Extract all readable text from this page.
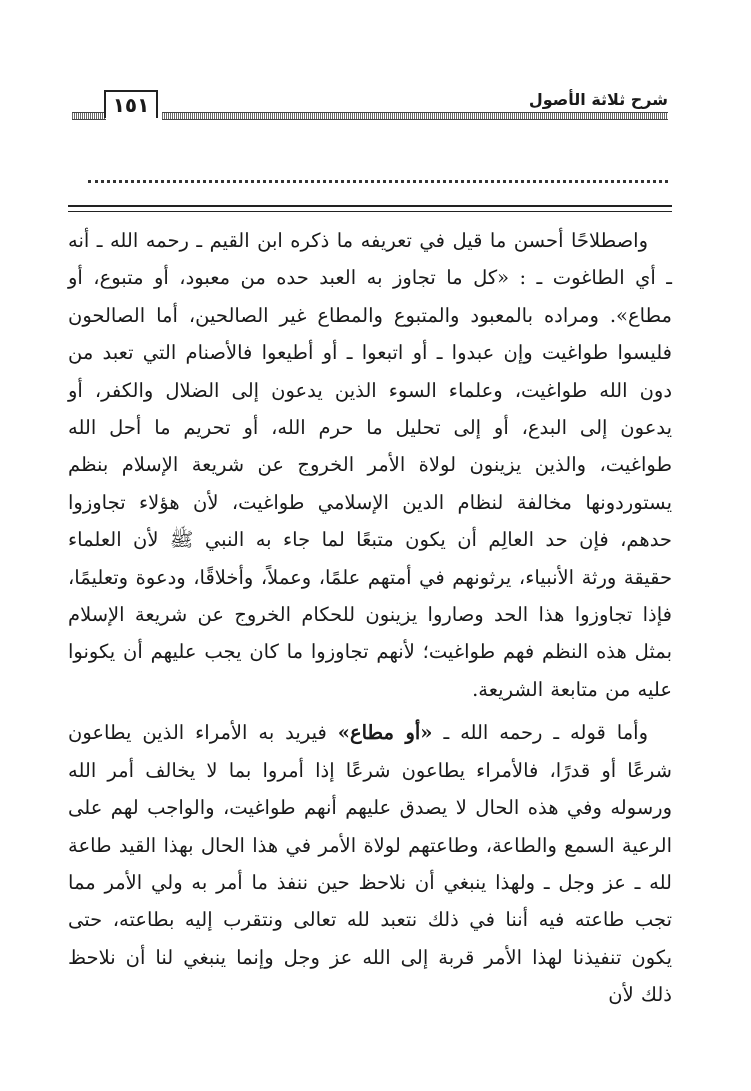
شرح ثلاثة الأصول
١٥١

واصطلاحًا أحسن ما قيل في تعريفه ما ذكره ابن القيم ـ رحمه الله ـ أنه ـ أي الطاغوت ـ : «كل ما تجاوز به العبد حده من معبود، أو متبوع، أو مطاع». ومراده بالمعبود والمتبوع والمطاع غير الصالحين، أما الصالحون فليسوا طواغيت وإن عبدوا ـ أو اتبعوا ـ أو أطيعوا فالأصنام التي تعبد من دون الله طواغيت، وعلماء السوء الذين يدعون إلى الضلال والكفر، أو يدعون إلى البدع، أو إلى تحليل ما حرم الله، أو تحريم ما أحل الله طواغيت، والذين يزينون لولاة الأمر الخروج عن شريعة الإسلام بنظم يستوردونها مخالفة لنظام الدين الإسلامي طواغيت، لأن هؤلاء تجاوزوا حدهم، فإن حد العالِم أن يكون متبعًا لما جاء به النبي ﷺ لأن العلماء حقيقة ورثة الأنبياء، يرثونهم في أمتهم علمًا، وعملاً، وأخلاقًا، ودعوة وتعليمًا، فإذا تجاوزوا هذا الحد وصاروا يزينون للحكام الخروج عن شريعة الإسلام بمثل هذه النظم فهم طواغيت؛ لأنهم تجاوزوا ما كان يجب عليهم أن يكونوا عليه من متابعة الشريعة.

وأما قوله ـ رحمه الله ـ «أو مطاع» فيريد به الأمراء الذين يطاعون شرعًا أو قدرًا، فالأمراء يطاعون شرعًا إذا أمروا بما لا يخالف أمر الله ورسوله وفي هذه الحال لا يصدق عليهم أنهم طواغيت، والواجب لهم على الرعية السمع والطاعة، وطاعتهم لولاة الأمر في هذا الحال بهذا القيد طاعة لله ـ عز وجل ـ ولهذا ينبغي أن نلاحظ حين ننفذ ما أمر به ولي الأمر مما تجب طاعته فيه أننا في ذلك نتعبد لله تعالى ونتقرب إليه بطاعته، حتى يكون تنفيذنا لهذا الأمر قربة إلى الله عز وجل وإنما ينبغي لنا أن نلاحظ ذلك لأن
